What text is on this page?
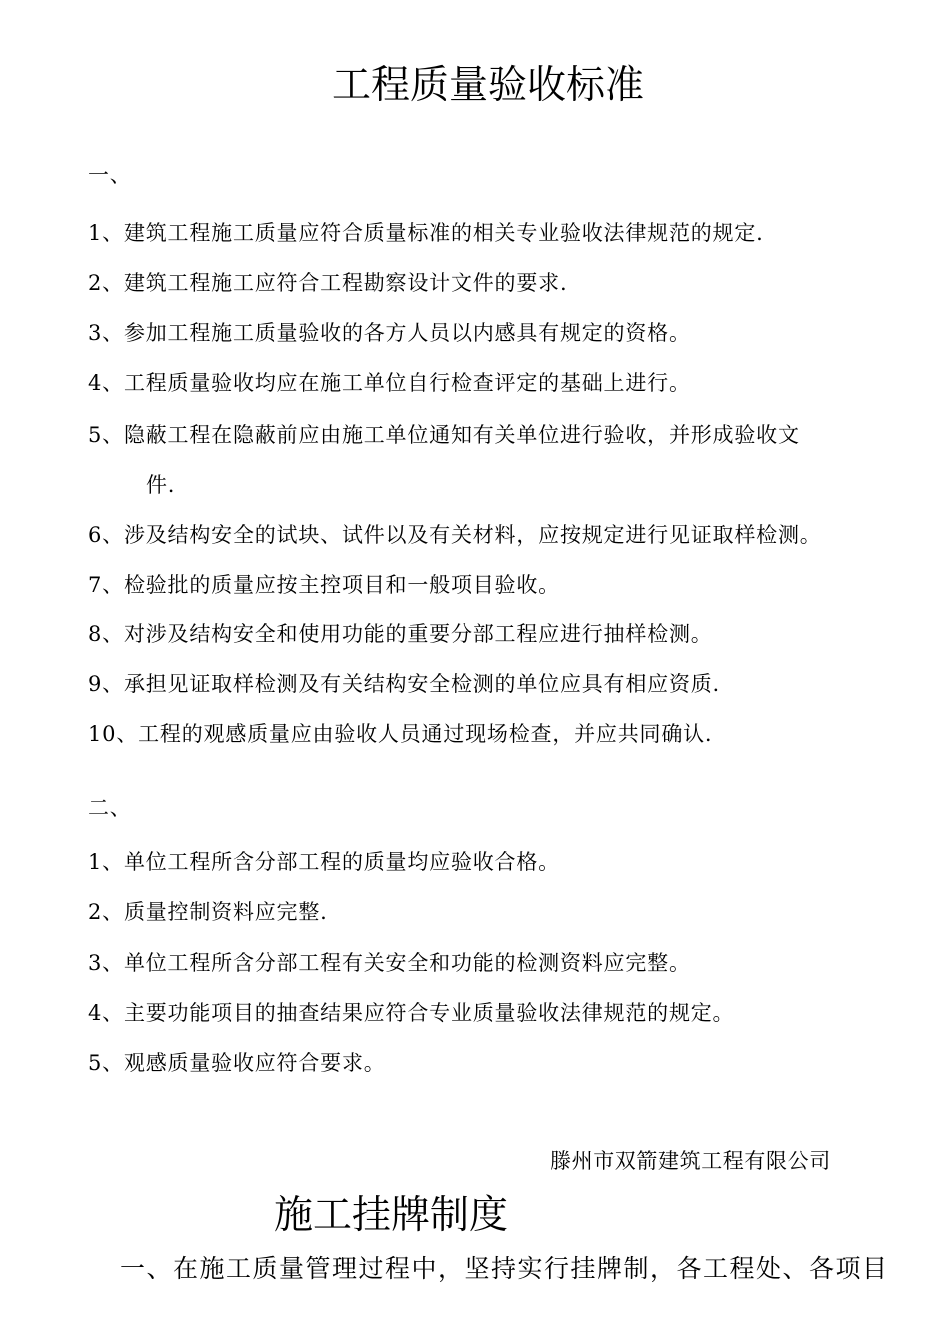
工程质量验收标准
一、
1、建筑工程施工质量应符合质量标准的相关专业验收法律规范的规定.
2、建筑工程施工应符合工程勘察设计文件的要求.
3、参加工程施工质量验收的各方人员以内感具有规定的资格。
4、工程质量验收均应在施工单位自行检查评定的基础上进行。
5、隐蔽工程在隐蔽前应由施工单位通知有关单位进行验收，并形成验收文
件.
6、涉及结构安全的试块、试件以及有关材料，应按规定进行见证取样检测。
7、检验批的质量应按主控项目和一般项目验收。
8、对涉及结构安全和使用功能的重要分部工程应进行抽样检测。
9、承担见证取样检测及有关结构安全检测的单位应具有相应资质.
10、工程的观感质量应由验收人员通过现场检查，并应共同确认.
二、
1、单位工程所含分部工程的质量均应验收合格。
2、质量控制资料应完整.
3、单位工程所含分部工程有关安全和功能的检测资料应完整。
4、主要功能项目的抽查结果应符合专业质量验收法律规范的规定。
5、观感质量验收应符合要求。
滕州市双箭建筑工程有限公司
施工挂牌制度
一、在施工质量管理过程中，坚持实行挂牌制，各工程处、各项目
